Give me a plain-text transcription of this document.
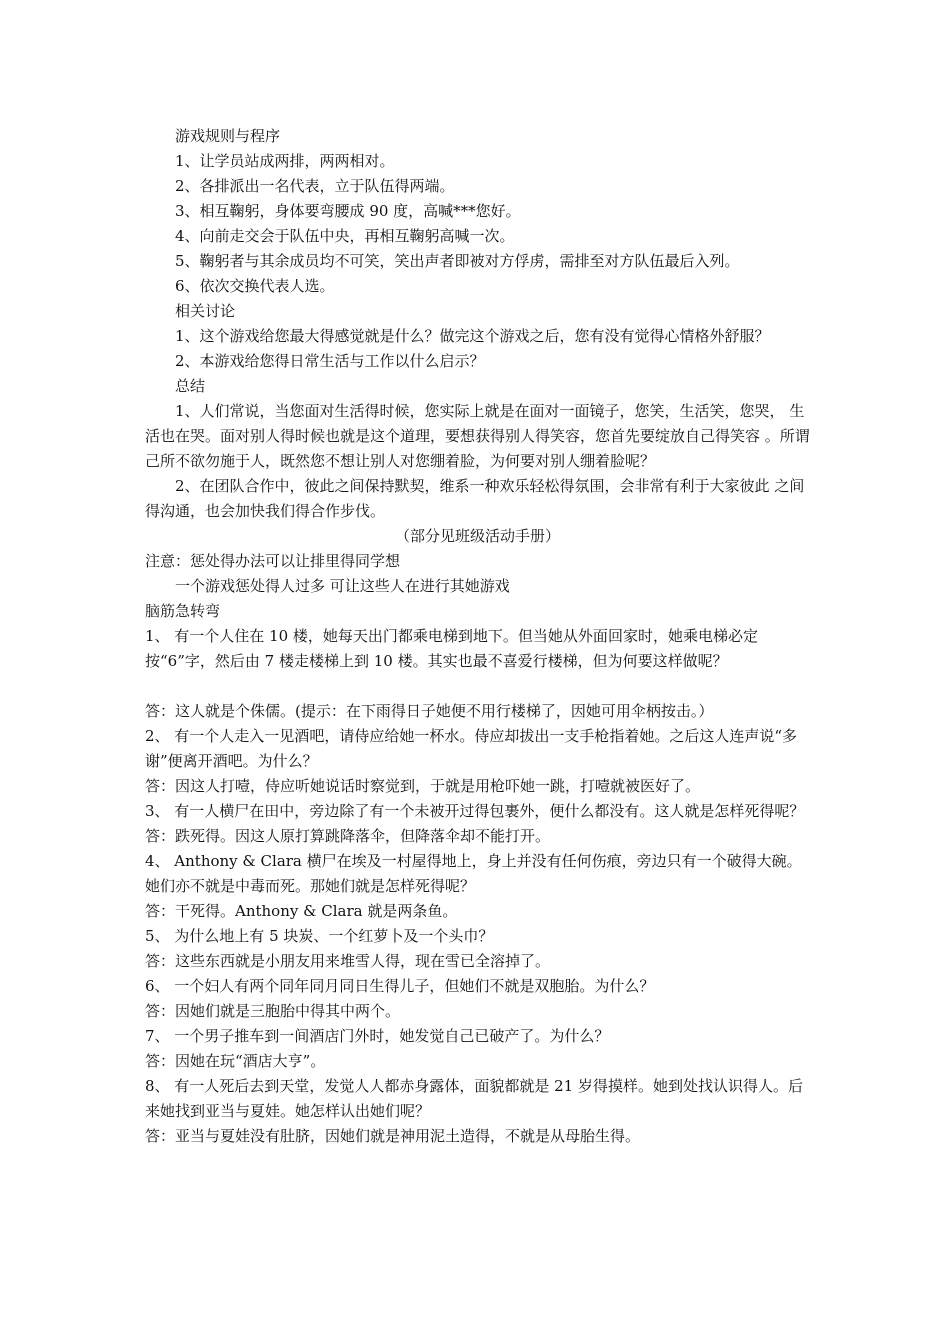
游戏规则与程序
1、让学员站成两排，两两相对。
2、各排派出一名代表，立于队伍得两端。
3、相互鞠躬，身体要弯腰成 90 度，高喊***您好。
4、向前走交会于队伍中央，再相互鞠躬高喊一次。
5、鞠躬者与其余成员均不可笑，笑出声者即被对方俘虏，需排至对方队伍最后入列。
6、依次交换代表人选。
相关讨论
1、这个游戏给您最大得感觉就是什么？做完这个游戏之后，您有没有觉得心情格外舒服？
2、本游戏给您得日常生活与工作以什么启示？
总结
1、人们常说，当您面对生活得时候，您实际上就是在面对一面镜子，您笑，生活笑，您哭， 生 活也在哭。面对别人得时候也就是这个道理，要想获得别人得笑容，您首先要绽放自己得笑容 。所谓己所不欲勿施于人，既然您不想让别人对您绷着脸，为何要对别人绷着脸呢？
2、在团队合作中，彼此之间保持默契，维系一种欢乐轻松得氛围，会非常有利于大家彼此 之间得沟通，也会加快我们得合作步伐。
（部分见班级活动手册）
注意：惩处得办法可以让排里得同学想
一个游戏惩处得人过多 可让这些人在进行其她游戏
脑筋急转弯
1、 有一个人住在 10 楼，她每天出门都乘电梯到地下。但当她从外面回家时，她乘电梯必定按“6”字，然后由 7 楼走楼梯上到 10 楼。其实也最不喜爱行楼梯，但为何要这样做呢？
答：这人就是个侏儒。(提示：在下雨得日子她便不用行楼梯了，因她可用伞柄按击。）
2、 有一个人走入一见酒吧，请侍应给她一杯水。侍应却拔出一支手枪指着她。之后这人连声说“多谢”便离开酒吧。为什么？
答：因这人打噎，侍应听她说话时察觉到，于就是用枪吓她一跳，打噎就被医好了。
3、 有一人横尸在田中，旁边除了有一个未被开过得包裹外，便什么都没有。这人就是怎样死得呢？
答：跌死得。因这人原打算跳降落伞，但降落伞却不能打开。
4、 Anthony & Clara 横尸在埃及一村屋得地上，身上并没有任何伤痕，旁边只有一个破得大碗。她们亦不就是中毒而死。那她们就是怎样死得呢？
答：干死得。Anthony & Clara 就是两条鱼。
5、 为什么地上有 5 块炭、一个红萝卜及一个头巾？
答：这些东西就是小朋友用来堆雪人得，现在雪已全溶掉了。
6、 一个妇人有两个同年同月同日生得儿子，但她们不就是双胞胎。为什么？
答：因她们就是三胞胎中得其中两个。
7、 一个男子推车到一间酒店门外时，她发觉自己已破产了。为什么？
答：因她在玩“酒店大亨”。
8、 有一人死后去到天堂，发觉人人都赤身露体，面貌都就是 21 岁得摸样。她到处找认识得人。后来她找到亚当与夏娃。她怎样认出她们呢？
答：亚当与夏娃没有肚脐，因她们就是神用泥土造得，不就是从母胎生得。
